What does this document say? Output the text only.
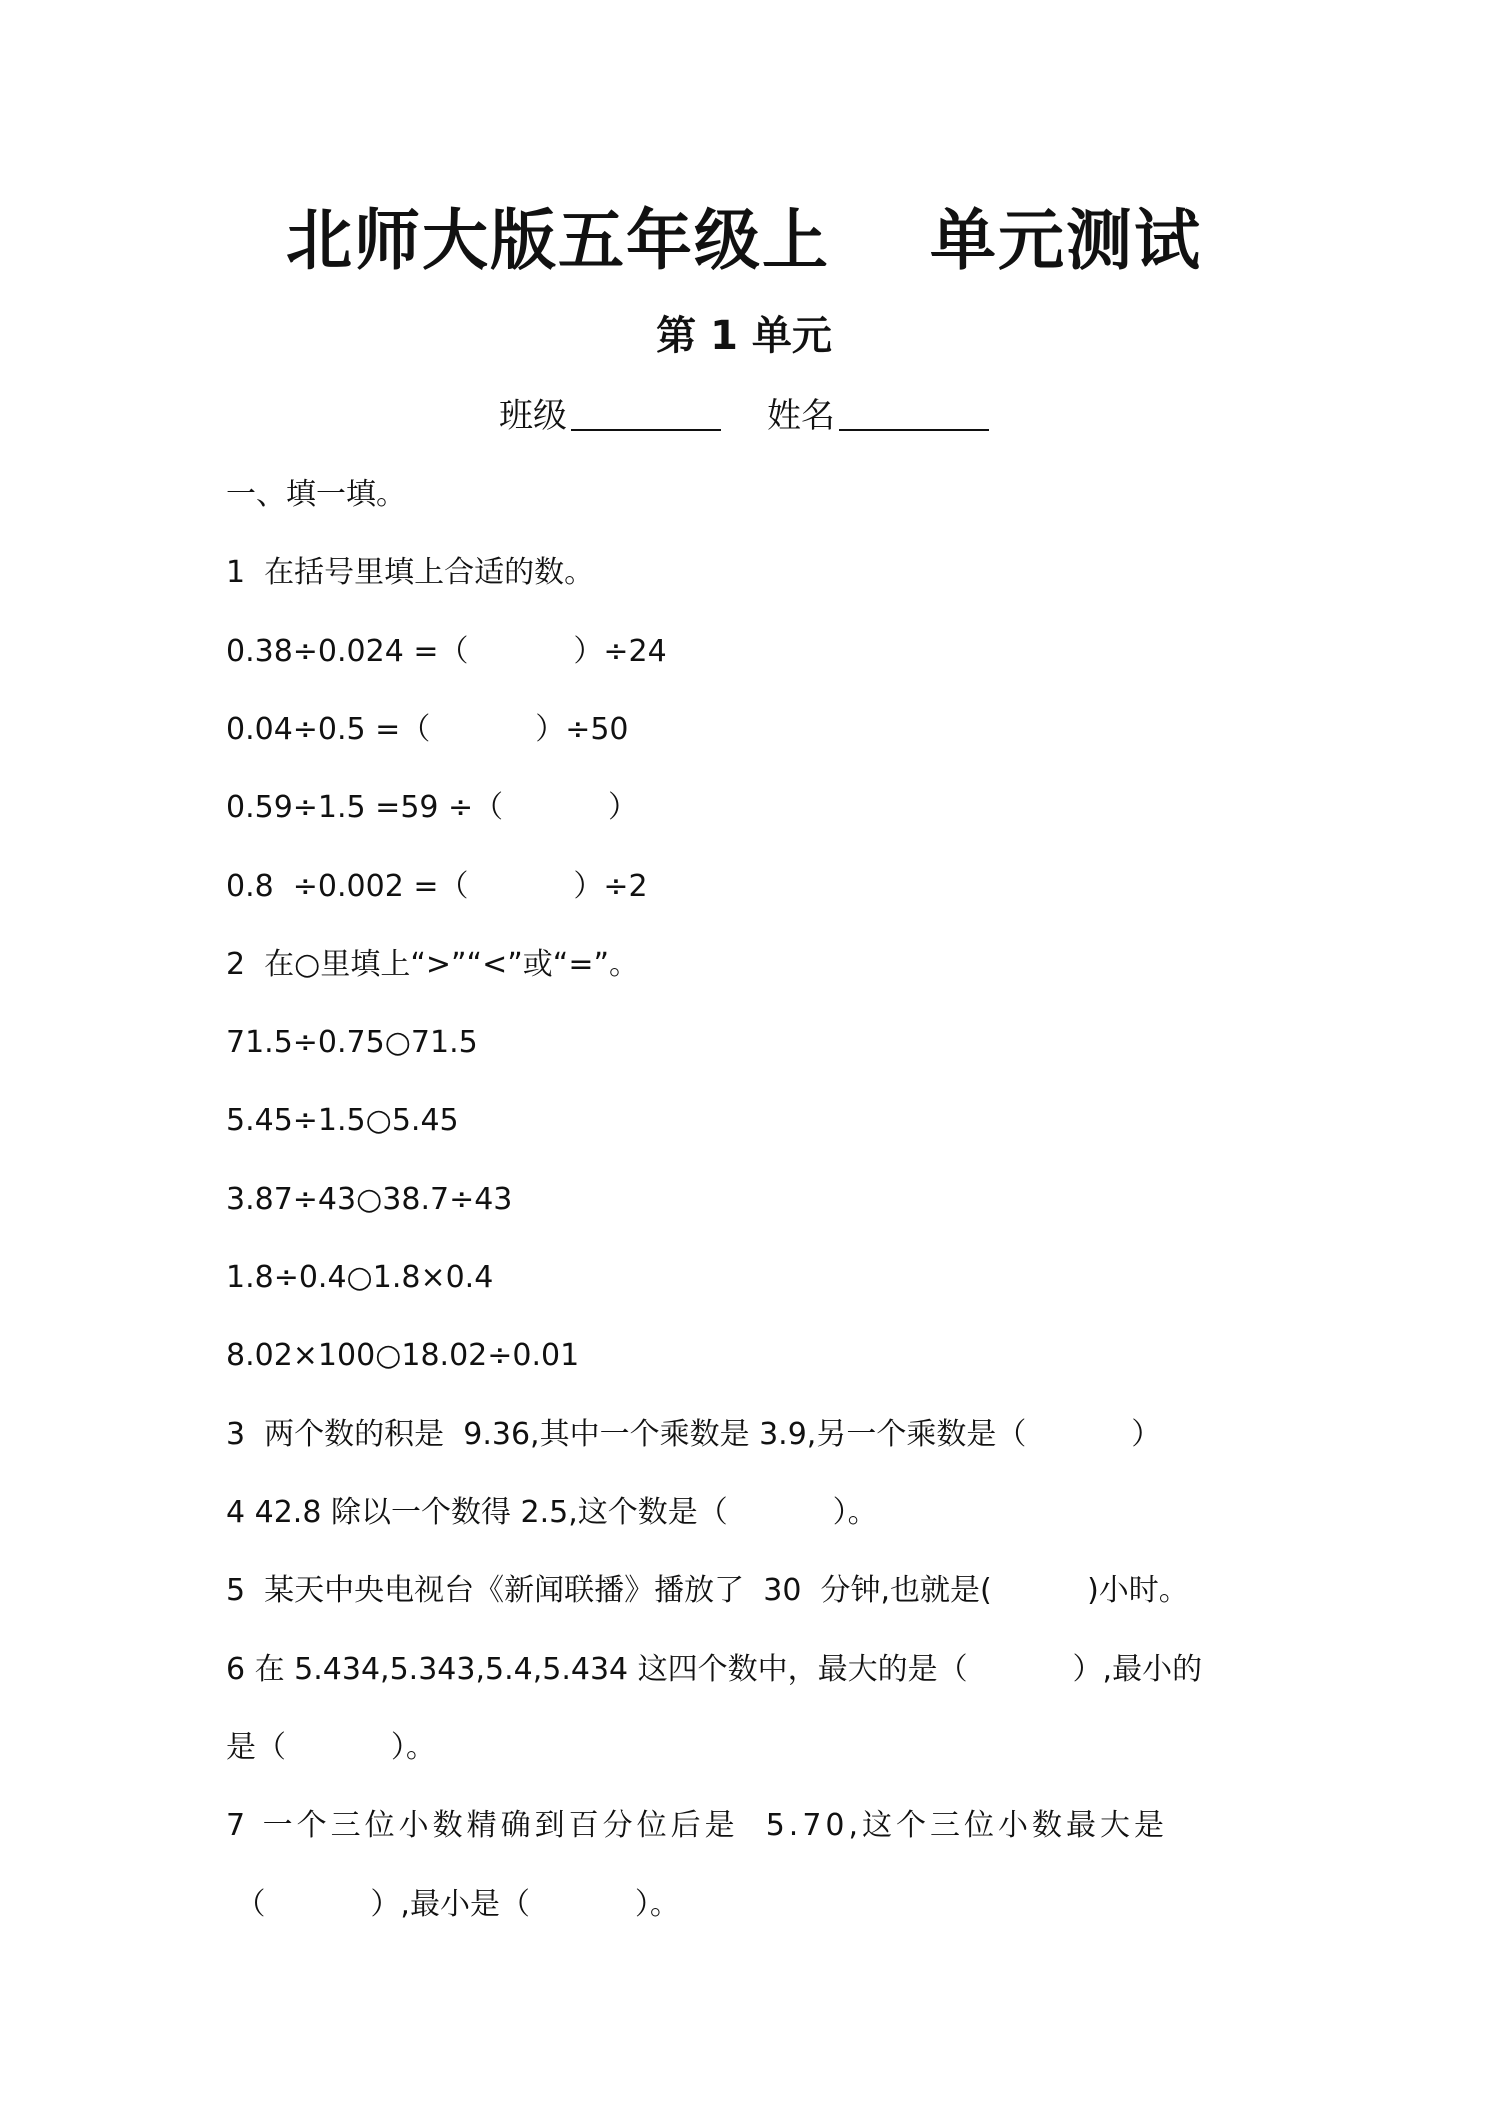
北师大版五年级上 单元测试
第 1 单元
班级	姓名
一、填一填。
1  在括号里填上合适的数。
0.38÷0.024 =（           ）÷24
0.04÷0.5 =（           ）÷50
0.59÷1.5 =59 ÷（           ）
0.8  ÷0.002 =（           ）÷2
2  在○里填上“>”“<”或“=”。
71.5÷0.75○71.5
5.45÷1.5○5.45
3.87÷43○38.7÷43
1.8÷0.4○1.8×0.4
8.02×100○18.02÷0.01
3  两个数的积是  9.36,其中一个乘数是 3.9,另一个乘数是（           ）
4 42.8 除以一个数得 2.5,这个数是（           ）。
5  某天中央电视台《新闻联播》播放了  30  分钟,也就是(          )小时。
6 在 5.434,5.343,5.4,5.434 这四个数中，最大的是（           ）,最小的
是（           ）。
7 一个三位小数精确到百分位后是  5.70,这个三位小数最大是
（           ）,最小是（           ）。
